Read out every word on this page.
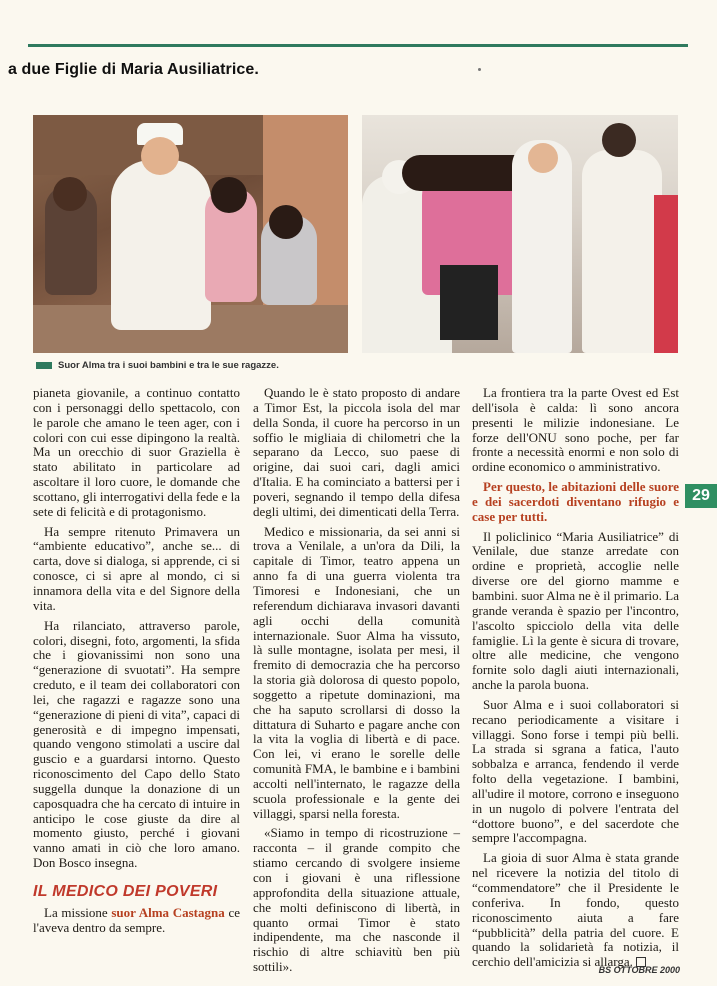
a due Figlie di Maria Ausiliatrice.
Suor Alma tra i suoi bambini e tra le sue ragazze.

pianeta giovanile, a continuo contatto con i personaggi dello spettacolo, con le parole che amano le teen ager, con i colori con cui esse dipingono la realtà. Ma un orecchio di suor Graziella è stato abilitato in particolare ad ascoltare il loro cuore, le domande che scottano, gli interrogativi della fede e la sete di felicità e di protagonismo.

Ha sempre ritenuto Primavera un “ambiente educativo”, anche se... di carta, dove si dialoga, si apprende, ci si conosce, ci si apre al mondo, ci si innamora della vita e del Signore della vita.

Ha rilanciato, attraverso parole, colori, disegni, foto, argomenti, la sfida che i giovanissimi non sono una “generazione di svuotati”. Ha sempre creduto, e il team dei collaboratori con lei, che ragazzi e ragazze sono una “generazione di pieni di vita”, capaci di generosità e di impegno impensati, quando vengono stimolati a uscire dal guscio e a guardarsi intorno. Questo riconoscimento del Capo dello Stato suggella dunque la donazione di un caposquadra che ha cercato di intuire in anticipo le cose giuste da dire al momento giusto, perché i giovani vanno amati in ciò che loro amano. Don Bosco insegna.

IL MEDICO DEI POVERI

La missione suor Alma Castagna ce l'aveva dentro da sempre.

Quando le è stato proposto di andare a Timor Est, la piccola isola del mar della Sonda, il cuore ha percorso in un soffio le migliaia di chilometri che la separano da Lecco, suo paese di origine, dai suoi cari, dagli amici d'Italia. E ha cominciato a battersi per i poveri, segnando il tempo della difesa degli ultimi, dei dimenticati della Terra.

Medico e missionaria, da sei anni si trova a Venilale, a un'ora da Dili, la capitale di Timor, teatro appena un anno fa di una guerra violenta tra Timoresi e Indonesiani, che un referendum dichiarava invasori davanti agli occhi della comunità internazionale. Suor Alma ha vissuto, là sulle montagne, isolata per mesi, il fremito di democrazia che ha percorso la storia già dolorosa di questo popolo, soggetto a ripetute dominazioni, ma che ha saputo scrollarsi di dosso la dittatura di Suharto e pagare anche con la vita la voglia di libertà e di pace. Con lei, vi erano le sorelle delle comunità FMA, le bambine e i bambini accolti nell'internato, le ragazze della scuola professionale e la gente dei villaggi, sparsi nella foresta.

«Siamo in tempo di ricostruzione – racconta – il grande compito che stiamo cercando di svolgere insieme con i giovani è una riflessione approfondita della situazione attuale, che molti definiscono di libertà, in quanto ormai Timor è stato indipendente, ma che nasconde il rischio di altre schiavitù ben più sottili».

La frontiera tra la parte Ovest ed Est dell'isola è calda: lì sono ancora presenti le milizie indonesiane. Le forze dell'ONU sono poche, per far fronte a necessità enormi e non solo di ordine economico o amministrativo.

Per questo, le abitazioni delle suore e dei sacerdoti diventano rifugio e case per tutti.

Il policlinico “Maria Ausiliatrice” di Venilale, due stanze arredate con ordine e proprietà, accoglie nelle diverse ore del giorno mamme e bambini. suor Alma ne è il primario. La grande veranda è spazio per l'incontro, l'ascolto spicciolo della vita delle famiglie. Lì la gente è sicura di trovare, oltre alle medicine, che vengono fornite solo dagli aiuti internazionali, anche la parola buona.

Suor Alma e i suoi collaboratori si recano periodicamente a visitare i villaggi. Sono forse i tempi più belli. La strada si sgrana a fatica, l'auto sobbalza e arranca, fendendo il verde folto della vegetazione. I bambini, all'udire il motore, corrono e inseguono in un nugolo di polvere l'entrata del “dottore buono”, e del sacerdote che sempre l'accompagna.

La gioia di suor Alma è stata grande nel ricevere la notizia del titolo di “commendatore” che il Presidente le conferiva. In fondo, questo riconoscimento aiuta a fare “pubblicità” della patria del cuore. E quando la solidarietà fa notizia, il cerchio dell'amicizia si allarga.

29
BS OTTOBRE 2000
